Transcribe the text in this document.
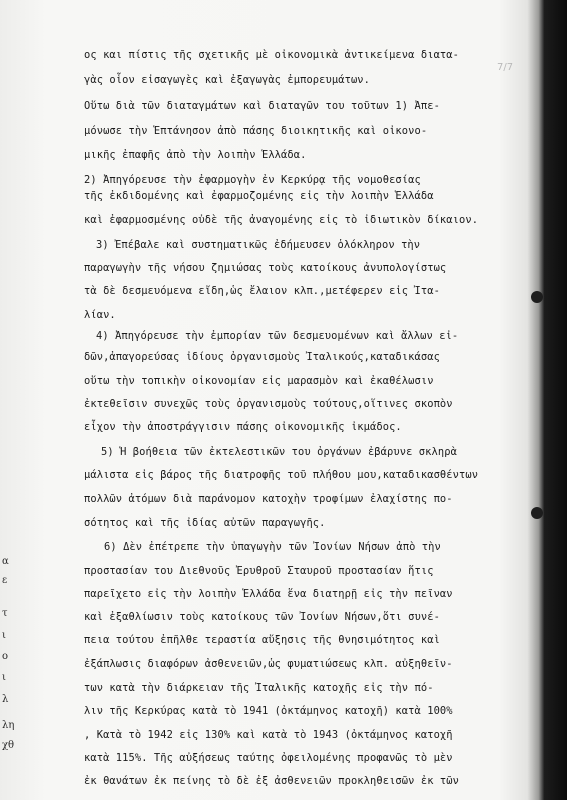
7/7
ος και πίστις τῆς σχετικῆς μὲ οἰκονομικὰ ἀντικείμενα διατα-
γὰς οἷον εἰσαγωγὲς καὶ ἐξαγωγὰς ἐμπορευμάτων.
Οὕτω διὰ τῶν διαταγμάτων καὶ διαταγῶν του τοῦτων 1) Ἀπε-
μόνωσε τὴν Ἑπτάνησον ἀπὸ πάσης διοικητικῆς καὶ οἰκονο-
μικῆς ἐπαφῆς ἀπὸ τὴν λοιπὴν Ἑλλάδα.
2) Ἀπηγόρευσε τὴν ἐφαρμογὴν ἐν Κερκύρᾳ τῆς νομοθεσίας
τῆς ἐκδιδομένης καὶ ἐφαρμοζομένης εἰς τὴν λοιπὴν Ἑλλάδα
καὶ ἐφαρμοσμένης οὐδὲ τῆς ἀναγομένης εἰς τὸ ἰδιωτικὸν δίκαιον.
3) Ἐπέβαλε καὶ συστηματικῶς ἐδήμευσεν ὁλόκληρον τὴν
παραγωγὴν τῆς νήσου ζημιώσας τοὺς κατοίκους ἀνυπολογίστως
τὰ δὲ δεσμευόμενα εἴδη,ὡς ἔλαιον κλπ.,μετέφερεν εἰς Ἰτα-
λίαν.
4) Ἀπηγόρευσε τὴν ἐμπορίαν τῶν δεσμευομένων καὶ ἄλλων εἰ-
δῶν,ἀπαγορεύσας ἰδίους ὀργανισμοὺς Ἰταλικούς,καταδικάσας
οὕτω τὴν τοπικὴν οἰκονομίαν εἰς μαρασμὸν καὶ ἐκαθέλωσιν
ἐκτεθεῖσιν συνεχῶς τοὺς ὀργανισμοὺς τούτους,οἵτινες σκοπὸν
εἶχον τὴν ἀποστράγγισιν πάσης οἰκονομικῆς ἰκμάδος.
5) Ἡ βοήθεια τῶν ἐκτελεστικῶν του ὀργάνων ἐβάρυνε σκληρὰ
μάλιστα εἰς βάρος τῆς διατροφῆς τοῦ πλήθου μου,καταδικασθέντων
πολλῶν ἀτόμων διὰ παράνομον κατοχὴν τροφίμων ἐλαχίστης πο-
σότητος καὶ τῆς ἰδίας αὐτῶν παραγωγῆς.
6) Δὲν ἐπέτρεπε τὴν ὑπαγωγὴν τῶν Ἰονίων Νήσων ἀπὸ τὴν
προστασίαν του Διεθνοῦς Ἐρυθροῦ Σταυροῦ προστασίαν ἥτις
παρεῖχετο εἰς τὴν λοιπὴν Ἑλλάδα ἕνα διατηρῇ εἰς τὴν πεῖναν
καὶ ἐξαθλίωσιν τοὺς κατοίκους τῶν Ἰονίων Νήσων,ὅτι συνέ-
πεια τούτου ἐπῆλθε τεραστία αὔξησις τῆς θνησιμότητος καὶ
ἐξάπλωσις διαφόρων ἀσθενειῶν,ὡς φυματιώσεως κλπ. αὐξηθεῖν-
των κατὰ τὴν διάρκειαν τῆς Ἰταλικῆς κατοχῆς εἰς τὴν πό-
λιν τῆς Κερκύρας κατὰ τὸ 1941 (ὀκτάμηνος κατοχῆ) κατὰ 100%
, Κατὰ τὸ 1942 εἰς 130% καὶ κατὰ τὸ 1943 (ὀκτάμηνος κατοχῆ
κατὰ 115%. Τῆς αὐξήσεως ταύτης ὀφειλομένης προφανῶς τὸ μὲν
ἐκ θανάτων ἐκ πείνης τὸ δὲ ἐξ ἀσθενειῶν προκληθεισῶν ἐκ τῶν
α
ε
τ
ι
ο
ι
λ
λη
χθ
